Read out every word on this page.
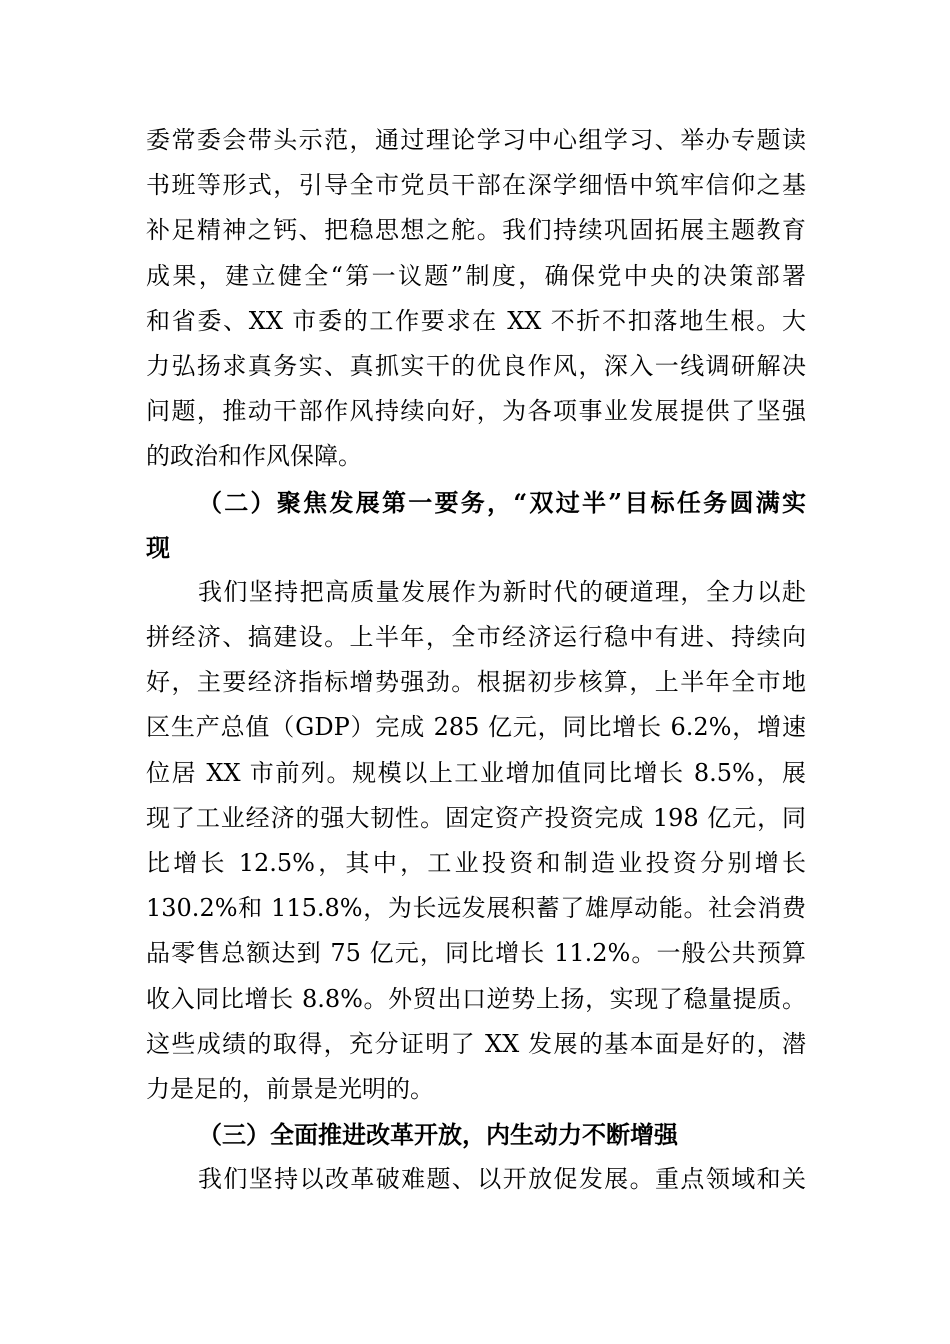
委常委会带头示范，通过理论学习中心组学习、举办专题读
书班等形式，引导全市党员干部在深学细悟中筑牢信仰之基
补足精神之钙、把稳思想之舵。我们持续巩固拓展主题教育
成果，建立健全“第一议题”制度，确保党中央的决策部署
和省委、XX 市委的工作要求在 XX 不折不扣落地生根。大
力弘扬求真务实、真抓实干的优良作风，深入一线调研解决
问题，推动干部作风持续向好，为各项事业发展提供了坚强
的政治和作风保障。
（二）聚焦发展第一要务，“双过半”目标任务圆满实
现
我们坚持把高质量发展作为新时代的硬道理，全力以赴
拼经济、搞建设。上半年，全市经济运行稳中有进、持续向
好，主要经济指标增势强劲。根据初步核算，上半年全市地
区生产总值（GDP）完成 285 亿元，同比增长 6.2%，增速
位居 XX 市前列。规模以上工业增加值同比增长 8.5%，展
现了工业经济的强大韧性。固定资产投资完成 198 亿元，同
比增长 12.5%，其中，工业投资和制造业投资分别增长
130.2%和 115.8%，为长远发展积蓄了雄厚动能。社会消费
品零售总额达到 75 亿元，同比增长 11.2%。一般公共预算
收入同比增长 8.8%。外贸出口逆势上扬，实现了稳量提质。
这些成绩的取得，充分证明了 XX 发展的基本面是好的，潜
力是足的，前景是光明的。
（三）全面推进改革开放，内生动力不断增强
我们坚持以改革破难题、以开放促发展。重点领域和关
